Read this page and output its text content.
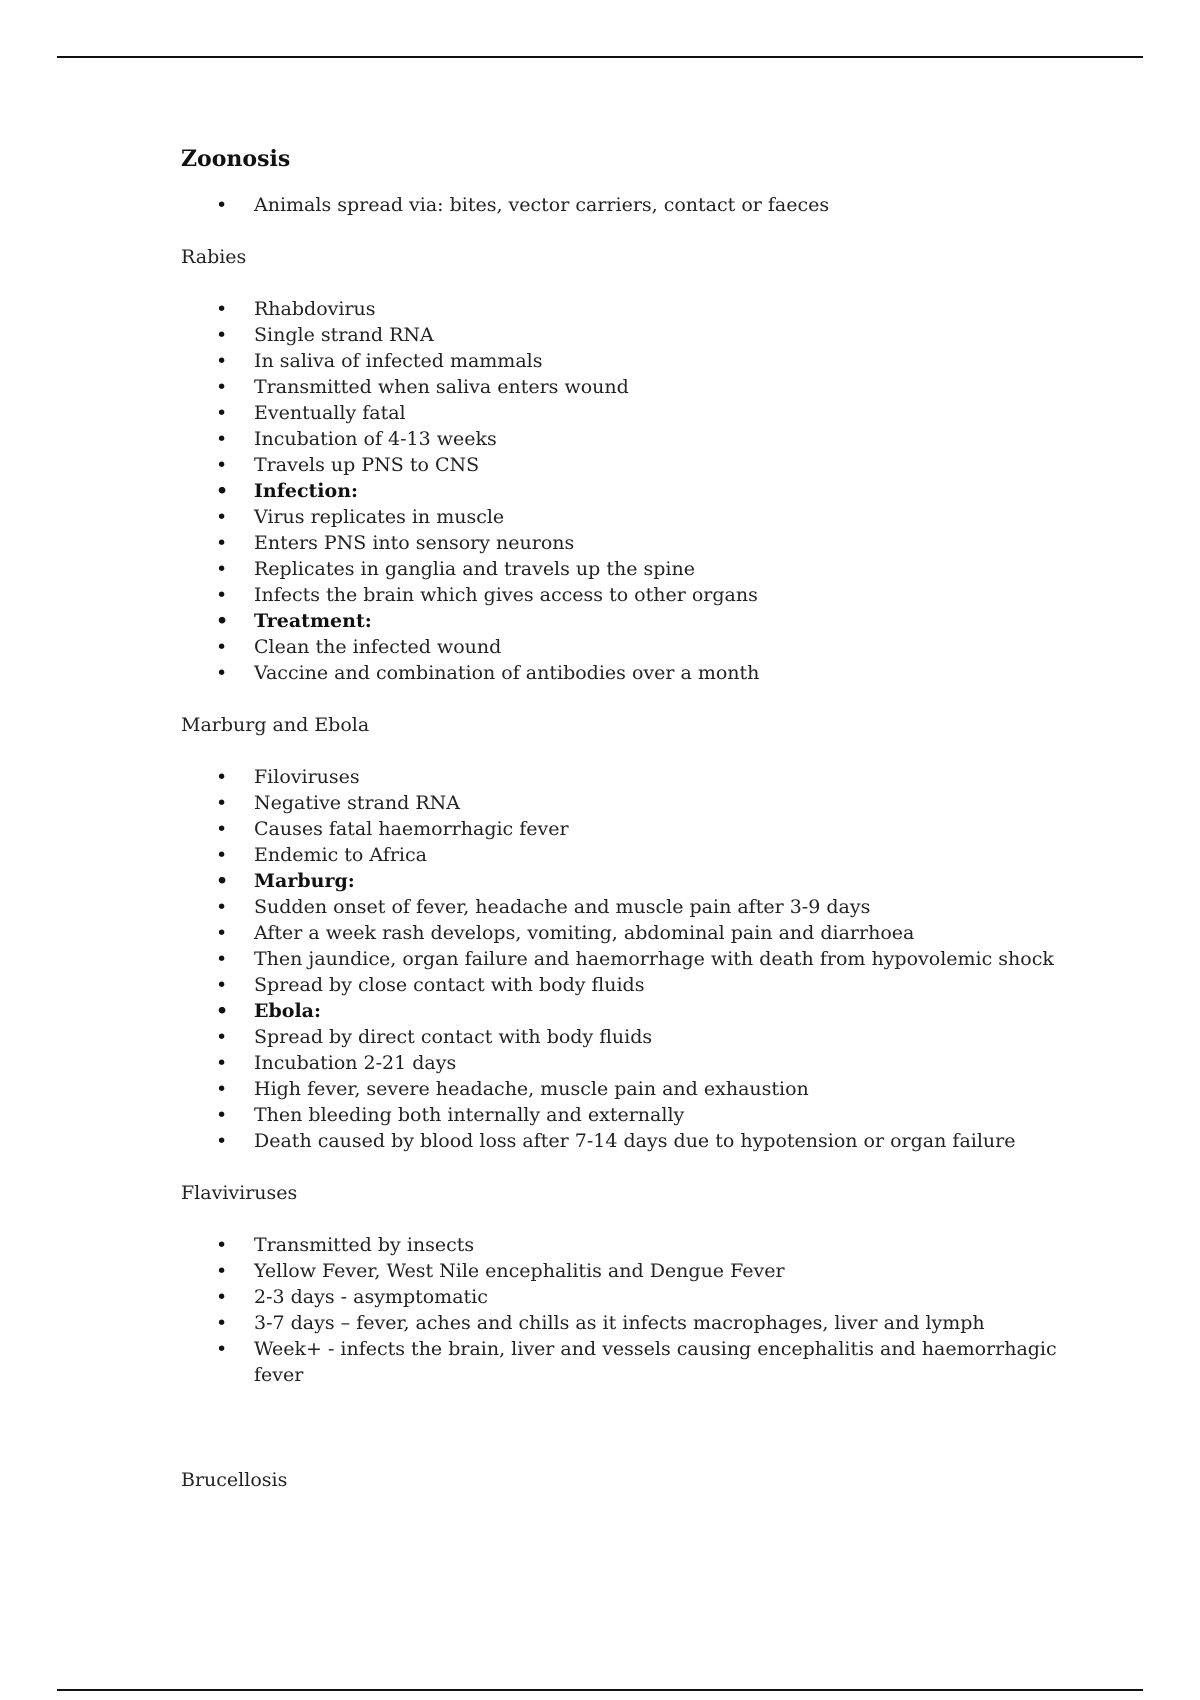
Zoonosis
• Animals spread via: bites, vector carriers, contact or faeces
Rabies
• Rhabdovirus
• Single strand RNA
• In saliva of infected mammals
• Transmitted when saliva enters wound
• Eventually fatal
• Incubation of 4-13 weeks
• Travels up PNS to CNS
• Infection:
• Virus replicates in muscle
• Enters PNS into sensory neurons
• Replicates in ganglia and travels up the spine
• Infects the brain which gives access to other organs
• Treatment:
• Clean the infected wound
• Vaccine and combination of antibodies over a month
Marburg and Ebola
• Filoviruses
• Negative strand RNA
• Causes fatal haemorrhagic fever
• Endemic to Africa
• Marburg:
• Sudden onset of fever, headache and muscle pain after 3-9 days
• After a week rash develops, vomiting, abdominal pain and diarrhoea
• Then jaundice, organ failure and haemorrhage with death from hypovolemic shock
• Spread by close contact with body fluids
• Ebola:
• Spread by direct contact with body fluids
• Incubation 2-21 days
• High fever, severe headache, muscle pain and exhaustion
• Then bleeding both internally and externally
• Death caused by blood loss after 7-14 days due to hypotension or organ failure
Flaviviruses
• Transmitted by insects
• Yellow Fever, West Nile encephalitis and Dengue Fever
• 2-3 days - asymptomatic
• 3-7 days – fever, aches and chills as it infects macrophages, liver and lymph
• Week+ - infects the brain, liver and vessels causing encephalitis and haemorrhagic fever
Brucellosis
